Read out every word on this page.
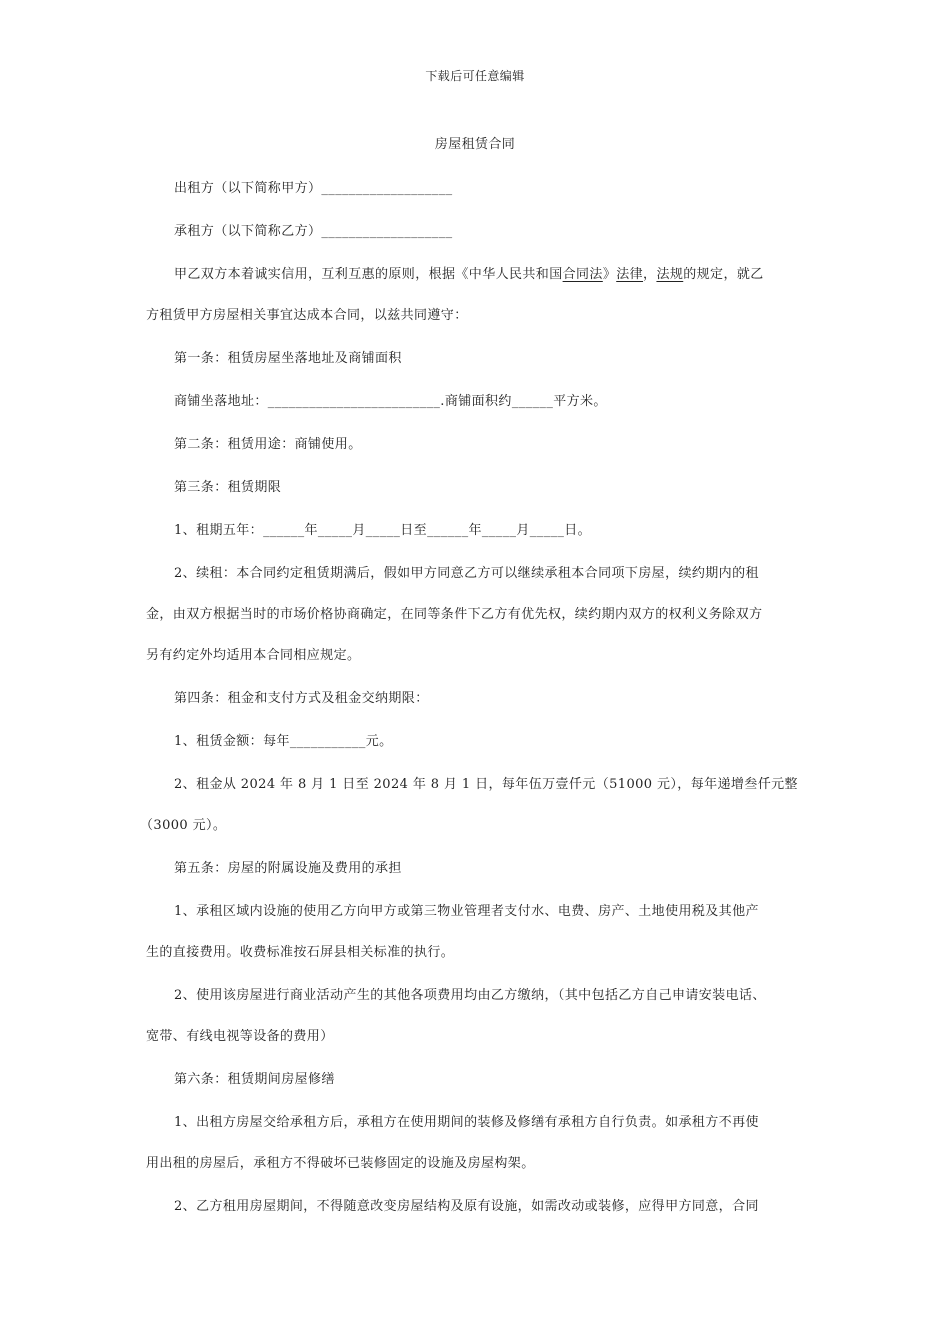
下载后可任意编辑
房屋租赁合同
出租方（以下简称甲方）___________________
承租方（以下简称乙方）___________________
甲乙双方本着诚实信用，互利互惠的原则，根据《中华人民共和国合同法》法律，法规的规定，就乙
方租赁甲方房屋相关事宜达成本合同，以兹共同遵守：
第一条：租赁房屋坐落地址及商铺面积
商铺坐落地址：_________________________.商铺面积约______平方米。
第二条：租赁用途：商铺使用。
第三条：租赁期限
1、租期五年：______年_____月_____日至______年_____月_____日。
2、续租：本合同约定租赁期满后，假如甲方同意乙方可以继续承租本合同项下房屋，续约期内的租
金，由双方根据当时的市场价格协商确定，在同等条件下乙方有优先权，续约期内双方的权利义务除双方
另有约定外均适用本合同相应规定。
第四条：租金和支付方式及租金交纳期限：
1、租赁金额：每年___________元。
2、租金从 2024 年 8 月 1 日至 2024 年 8 月 1 日，每年伍万壹仟元（51000 元），每年递增叁仟元整
（3000 元）。
第五条：房屋的附属设施及费用的承担
1、承租区域内设施的使用乙方向甲方或第三物业管理者支付水、电费、房产、土地使用税及其他产
生的直接费用。收费标准按石屏县相关标准的执行。
2、使用该房屋进行商业活动产生的其他各项费用均由乙方缴纳，（其中包括乙方自己申请安装电话、
宽带、有线电视等设备的费用）
第六条：租赁期间房屋修缮
1、出租方房屋交给承租方后，承租方在使用期间的装修及修缮有承租方自行负责。如承租方不再使
用出租的房屋后，承租方不得破坏已装修固定的设施及房屋构架。
2、乙方租用房屋期间，不得随意改变房屋结构及原有设施，如需改动或装修，应得甲方同意，合同
